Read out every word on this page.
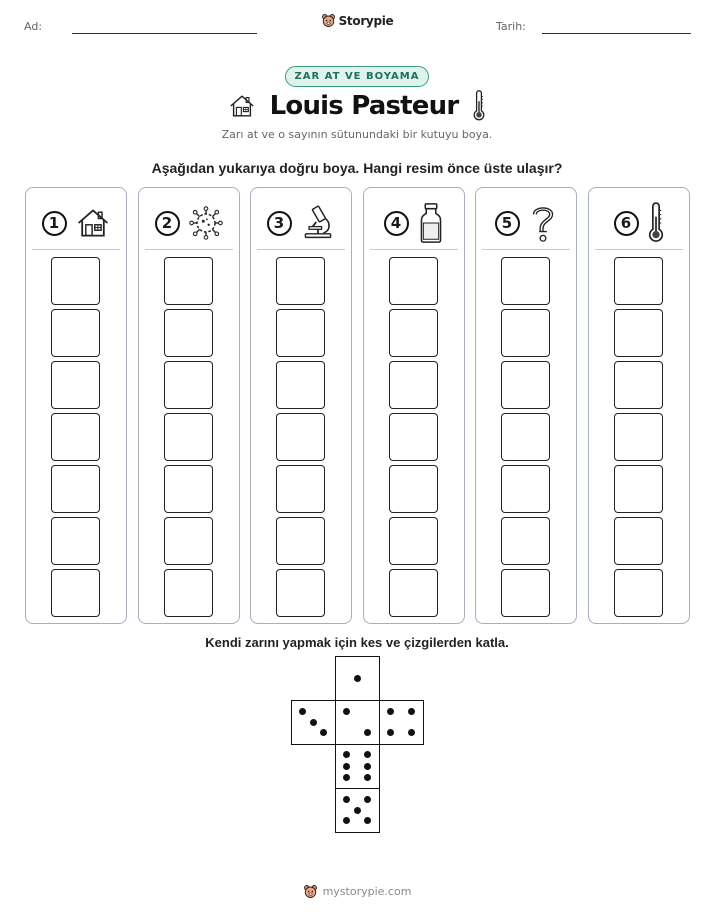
Ad:	Storypie	Tarih:
ZAR AT VE BOYAMA
Louis Pasteur
Zarı at ve o sayının sütunundaki bir kutuyu boya.
Aşağıdan yukarıya doğru boya. Hangi resim önce üste ulaşır?
1	2	3	4	5	6
Kendi zarını yapmak için kes ve çizgilerden katla.
mystorypie.com
